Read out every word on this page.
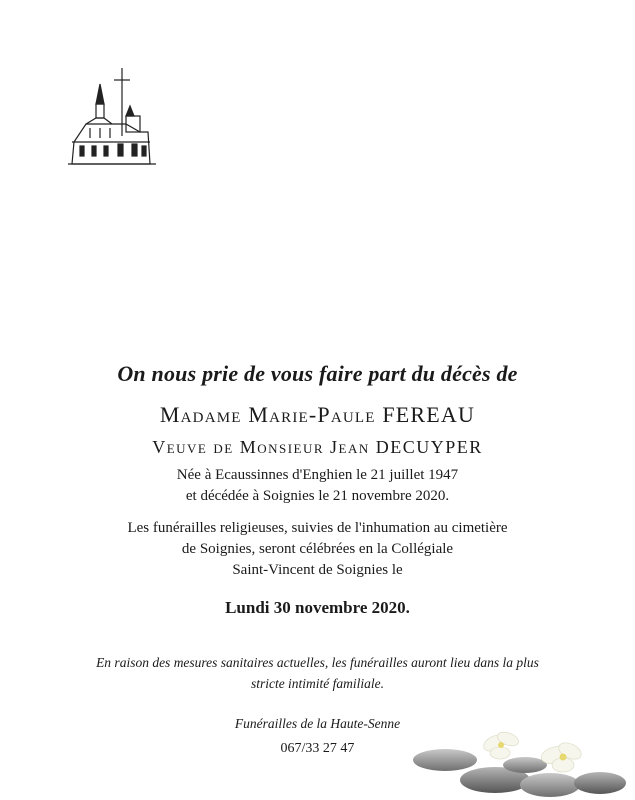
On nous prie de vous faire part du décès de
Madame Marie-Paule FEREAU
Veuve de Monsieur Jean DECUYPER
Née à Ecaussinnes d'Enghien le 21 juillet 1947
et décédée à Soignies le 21 novembre 2020.
Les funérailles religieuses, suivies de l'inhumation au cimetière
de Soignies, seront célébrées en la Collégiale
Saint-Vincent de Soignies le
Lundi 30 novembre 2020.
En raison des mesures sanitaires actuelles, les funérailles auront lieu dans la plus
stricte intimité familiale.
Funérailles de la Haute-Senne
067/33 27 47
